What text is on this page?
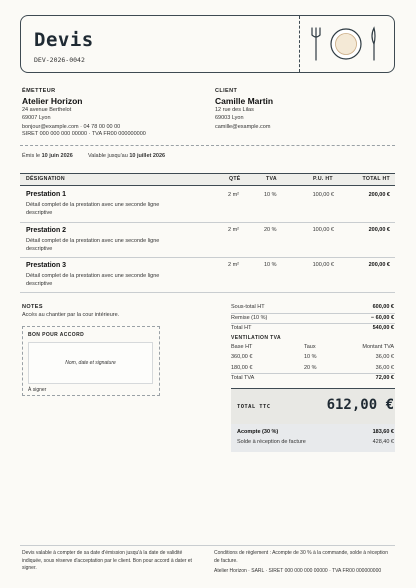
Devis
DEV-2026-0042
ÉMETTEUR
Atelier Horizon
24 avenue Berthelot
69007 Lyon
bonjour@example.com · 04 78 00 00 00
SIRET 000 000 000 00000 · TVA FR00 000000000
CLIENT
Camille Martin
12 rue des Lilas
69003 Lyon
camille@example.com
Émis le 10 juin 2026	Valable jusqu'au 10 juillet 2026
DÉSIGNATION	QTÉ	TVA	P.U. HT	TOTAL HT
Prestation 1
Détail complet de la prestation avec une seconde ligne descriptive
2 m²	10 %	100,00 €	200,00 €
Prestation 2
Détail complet de la prestation avec une seconde ligne descriptive
2 m²	20 %	100,00 €	200,00 €
Prestation 3
Détail complet de la prestation avec une seconde ligne descriptive
2 m²	10 %	100,00 €	200,00 €
NOTES
Accès au chantier par la cour intérieure.
BON POUR ACCORD
Nom, date et signature
À signer
Sous-total HT	600,00 €
Remise (10 %)	− 60,00 €
Total HT	540,00 €
VENTILATION TVA
Base HT	Taux	Montant TVA
360,00 €	10 %	36,00 €
180,00 €	20 %	36,00 €
Total TVA	72,00 €
TOTAL TTC	612,00 €
Acompte (30 %)	183,60 €
Solde à réception de facture	428,40 €
Devis valable à compter de sa date d'émission jusqu'à la date de validité indiquée, sous réserve d'acceptation par le client. Bon pour accord à dater et signer.
Conditions de règlement : Acompte de 30 % à la commande, solde à réception de facture.
Atelier Horizon · SARL · SIRET 000 000 000 00000 · TVA FR00 000000000
